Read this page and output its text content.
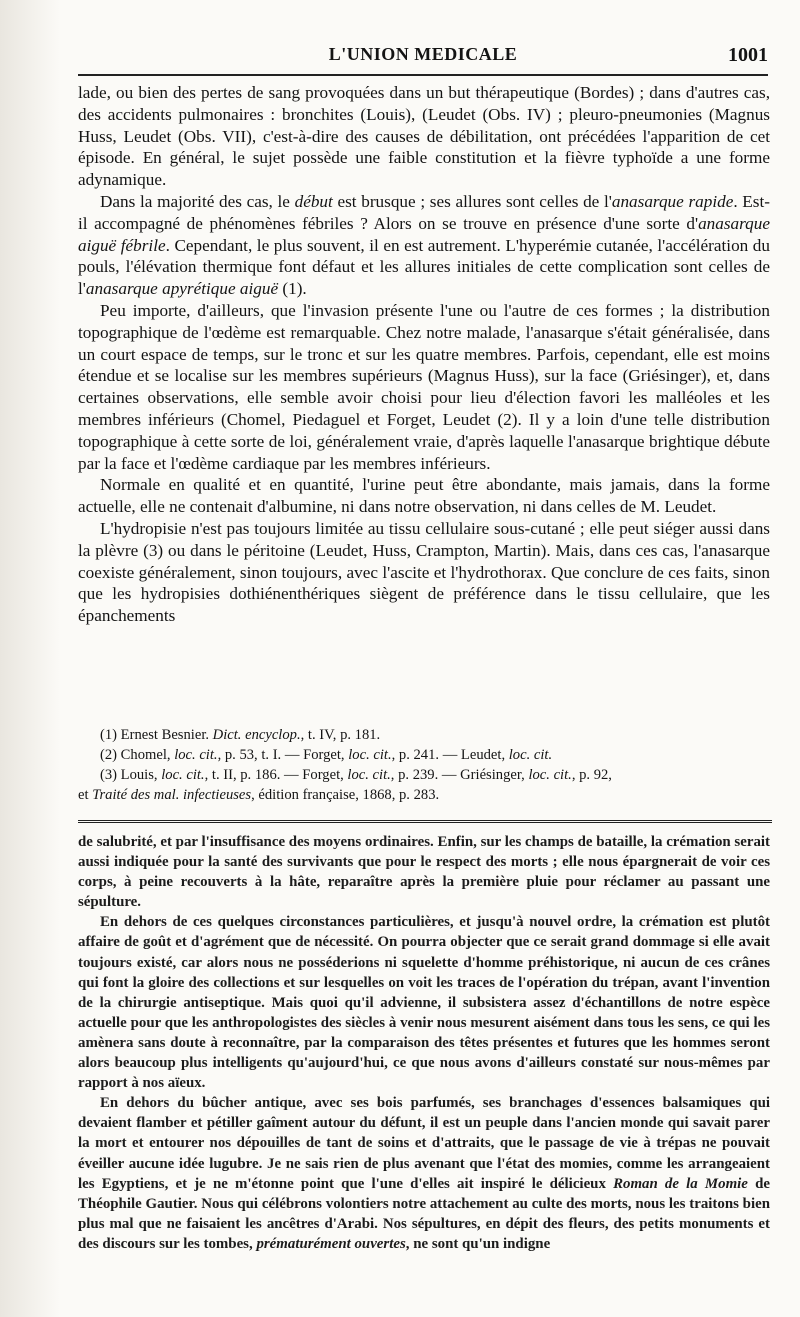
L'UNION MEDICALE	1001

lade, ou bien des pertes de sang provoquées dans un but thérapeutique (Bordes) ; dans d'autres cas, des accidents pulmonaires : bronchites (Louis), (Leudet (Obs. IV) ; pleuro-pneumonies (Magnus Huss, Leudet (Obs. VII), c'est-à-dire des causes de débilitation, ont précédées l'apparition de cet épisode. En général, le sujet possède une faible constitution et la fièvre typhoïde a une forme adynamique.

Dans la majorité des cas, le début est brusque ; ses allures sont celles de l'anasarque rapide. Est-il accompagné de phénomènes fébriles ? Alors on se trouve en présence d'une sorte d'anasarque aiguë fébrile. Cependant, le plus souvent, il en est autrement. L'hyperémie cutanée, l'accélération du pouls, l'élévation thermique font défaut et les allures initiales de cette complication sont celles de l'anasarque apyrétique aiguë (1).

Peu importe, d'ailleurs, que l'invasion présente l'une ou l'autre de ces formes ; la distribution topographique de l'œdème est remarquable. Chez notre malade, l'anasarque s'était généralisée, dans un court espace de temps, sur le tronc et sur les quatre membres. Parfois, cependant, elle est moins étendue et se localise sur les membres supérieurs (Magnus Huss), sur la face (Griésinger), et, dans certaines observations, elle semble avoir choisi pour lieu d'élection favori les malléoles et les membres inférieurs (Chomel, Piedaguel et Forget, Leudet (2). Il y a loin d'une telle distribution topographique à cette sorte de loi, généralement vraie, d'après laquelle l'anasarque brightique débute par la face et l'œdème cardiaque par les membres inférieurs.

Normale en qualité et en quantité, l'urine peut être abondante, mais jamais, dans la forme actuelle, elle ne contenait d'albumine, ni dans notre observation, ni dans celles de M. Leudet.

L'hydropisie n'est pas toujours limitée au tissu cellulaire sous-cutané ; elle peut siéger aussi dans la plèvre (3) ou dans le péritoine (Leudet, Huss, Crampton, Martin). Mais, dans ces cas, l'anasarque coexiste généralement, sinon toujours, avec l'ascite et l'hydrothorax. Que conclure de ces faits, sinon que les hydropisies dothiénenthériques siègent de préférence dans le tissu cellulaire, que les épanchements

(1) Ernest Besnier. Dict. encyclop., t. IV, p. 181.

(2) Chomel, loc. cit., p. 53, t. I. — Forget, loc. cit., p. 241. — Leudet, loc. cit.

(3) Louis, loc. cit., t. II, p. 186. — Forget, loc. cit., p. 239. — Griésinger, loc. cit., p. 92,

et Traité des mal. infectieuses, édition française, 1868, p. 283.

de salubrité, et par l'insuffisance des moyens ordinaires. Enfin, sur les champs de bataille, la crémation serait aussi indiquée pour la santé des survivants que pour le respect des morts ; elle nous épargnerait de voir ces corps, à peine recouverts à la hâte, reparaître après la première pluie pour réclamer au passant une sépulture.

En dehors de ces quelques circonstances particulières, et jusqu'à nouvel ordre, la crémation est plutôt affaire de goût et d'agrément que de nécessité. On pourra objecter que ce serait grand dommage si elle avait toujours existé, car alors nous ne posséderions ni squelette d'homme préhistorique, ni aucun de ces crânes qui font la gloire des collections et sur lesquelles on voit les traces de l'opération du trépan, avant l'invention de la chirurgie antiseptique. Mais quoi qu'il advienne, il subsistera assez d'échantillons de notre espèce actuelle pour que les anthropologistes des siècles à venir nous mesurent aisément dans tous les sens, ce qui les amènera sans doute à reconnaître, par la comparaison des têtes présentes et futures que les hommes seront alors beaucoup plus intelligents qu'aujourd'hui, ce que nous avons d'ailleurs constaté sur nous-mêmes par rapport à nos aïeux.

En dehors du bûcher antique, avec ses bois parfumés, ses branchages d'essences balsamiques qui devaient flamber et pétiller gaîment autour du défunt, il est un peuple dans l'ancien monde qui savait parer la mort et entourer nos dépouilles de tant de soins et d'attraits, que le passage de vie à trépas ne pouvait éveiller aucune idée lugubre. Je ne sais rien de plus avenant que l'état des momies, comme les arrangeaient les Egyptiens, et je ne m'étonne point que l'une d'elles ait inspiré le délicieux Roman de la Momie de Théophile Gautier. Nous qui célébrons volontiers notre attachement au culte des morts, nous les traitons bien plus mal que ne faisaient les ancêtres d'Arabi. Nos sépultures, en dépit des fleurs, des petits monuments et des discours sur les tombes, prématurément ouvertes, ne sont qu'un indigne
